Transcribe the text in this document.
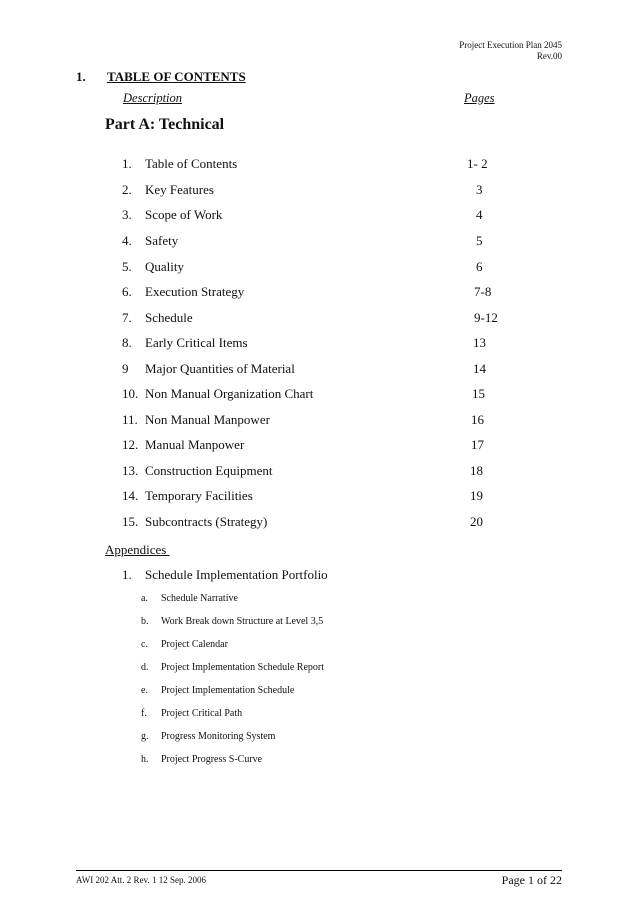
Project Execution Plan 2045
Rev.00
1. TABLE OF CONTENTS
Description	Pages
Part A: Technical
1. Table of Contents	1- 2
2. Key Features	3
3. Scope of Work	4
4. Safety	5
5. Quality	6
6. Execution Strategy	7-8
7. Schedule	9-12
8. Early Critical Items	13
9 Major Quantities of Material	14
10. Non Manual Organization Chart	15
11. Non Manual Manpower	16
12. Manual Manpower	17
13. Construction Equipment	18
14. Temporary Facilities	19
15. Subcontracts (Strategy)	20
Appendices
1. Schedule Implementation Portfolio
a. Schedule Narrative
b. Work Break down Structure at Level 3,5
c. Project Calendar
d. Project Implementation Schedule Report
e. Project Implementation Schedule
f. Project Critical Path
g. Progress Monitoring System
h. Project Progress S-Curve
AWI 202 Att. 2 Rev. 1 12 Sep. 2006	Page 1 of 22
